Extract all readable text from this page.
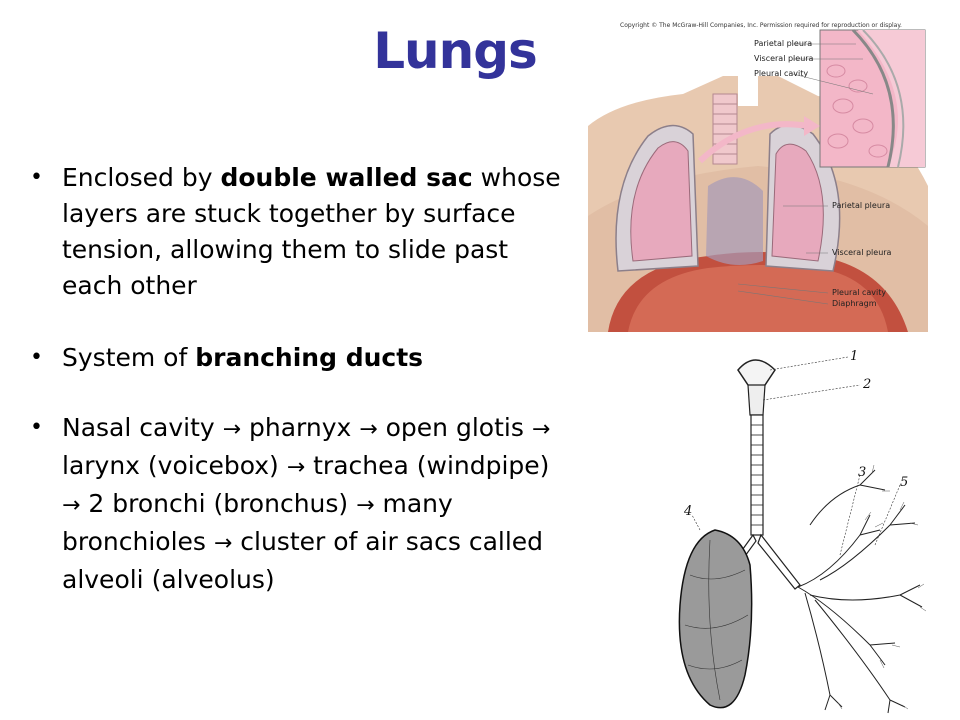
Lungs
• Enclosed by double walled sac whose layers are stuck together by surface tension, allowing them to slide past each other
• System of branching ducts
• Nasal cavity → pharnyx → open glotis → larynx (voicebox) → trachea (windpipe) → 2 bronchi (bronchus) → many bronchioles → cluster of air sacs called alveoli (alveolus)
Copyright © The McGraw-Hill Companies, Inc. Permission required for reproduction or display.
Parietal pleura
Visceral pleura
Pleural cavity
Parietal pleura
Visceral pleura
Pleural cavity
Diaphragm
1
2
3
4
5
